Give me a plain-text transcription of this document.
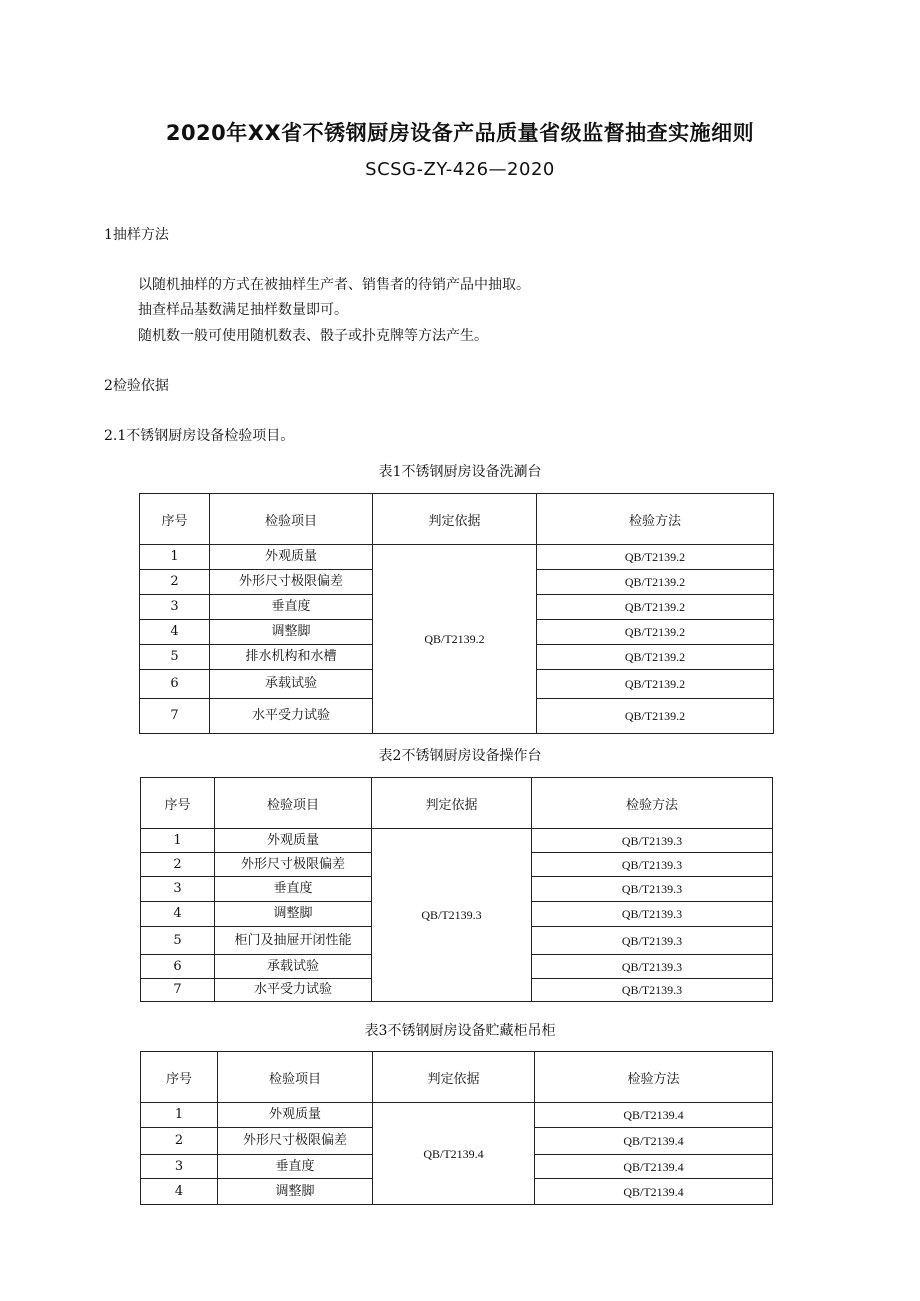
2020年XX省不锈钢厨房设备产品质量省级监督抽查实施细则
SCSG-ZY-426—2020
1抽样方法
以随机抽样的方式在被抽样生产者、销售者的待销产品中抽取。
抽查样品基数满足抽样数量即可。
随机数一般可使用随机数表、骰子或扑克牌等方法产生。
2检验依据
2.1不锈钢厨房设备检验项目。
表1不锈钢厨房设备洗涮台
序号	检验项目	判定依据	检验方法
1	外观质量	QB/T2139.2	QB/T2139.2
2	外形尺寸极限偏差		QB/T2139.2
3	垂直度		QB/T2139.2
4	调整脚		QB/T2139.2
5	排水机构和水槽		QB/T2139.2
6	承载试验		QB/T2139.2
7	水平受力试验		QB/T2139.2
表2不锈钢厨房设备操作台
序号	检验项目	判定依据	检验方法
1	外观质量	QB/T2139.3	QB/T2139.3
2	外形尺寸极限偏差		QB/T2139.3
3	垂直度		QB/T2139.3
4	调整脚		QB/T2139.3
5	柜门及抽屉开闭性能		QB/T2139.3
6	承载试验		QB/T2139.3
7	水平受力试验		QB/T2139.3
表3不锈钢厨房设备贮藏柜吊柜
序号	检验项目	判定依据	检验方法
1	外观质量	QB/T2139.4	QB/T2139.4
2	外形尺寸极限偏差		QB/T2139.4
3	垂直度		QB/T2139.4
4	调整脚		QB/T2139.4
